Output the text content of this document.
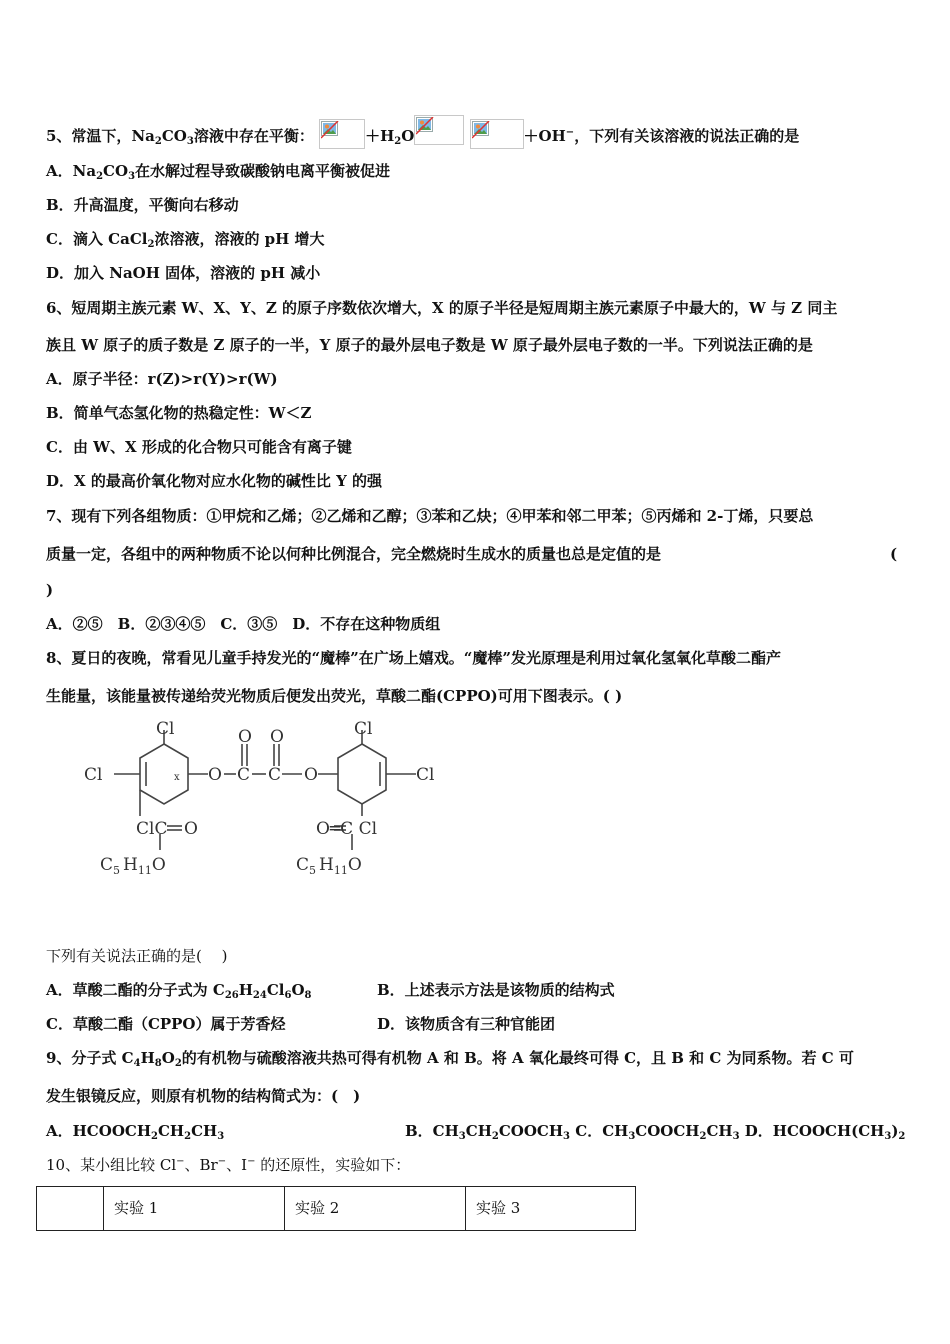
5、常温下，$Na_2CO_3$溶液中存在平衡：	$+H_2O$
	＋OH−，下列有关该溶液的说法正确的是
A．$Na_2CO_3$在水解过程导致碳酸钠电离平衡被促进
B．升高温度，平衡向右移动
C．滴入 CaCl$_2$浓溶液，溶液的 pH 增大
D．加入 NaOH 固体，溶液的 pH 减小
6、短周期主族元素 W、X、Y、Z 的原子序数依次增大，X 的原子半径是短周期主族元素原子中最大的，W 与 Z 同主
族且 W 原子的质子数是 Z 原子的一半，Y 原子的最外层电子数是 W 原子最外层电子数的一半。下列说法正确的是
A．原子半径：r(Z)>r(Y)>r(W)
B．简单气态氢化物的热稳定性：W＜Z
C．由 W、X 形成的化合物只可能含有离子键
D．X 的最高价氧化物对应水化物的碱性比 Y 的强
7、现有下列各组物质：①甲烷和乙烯；②乙烯和乙醇；③苯和乙炔；④甲苯和邻二甲苯；⑤丙烯和 2-丁烯，只要总
质量一定，各组中的两种物质不论以何种比例混合，完全燃烧时生成水的质量也总是定值的是	(
)
A．②⑤　B．②③④⑤　C．③⑤　D．不存在这种物质组
8、夏日的夜晚，常看见儿童手持发光的“魔棒”在广场上嬉戏。“魔棒”发光原理是利用过氧化氢氧化草酸二酯产
生能量，该能量被传递给荧光物质后便发出荧光，草酸二酯(CPPO)可用下图表示。( )
Cl
Cl	x O C
O
C
O
O
Cl
Cl
ClC O	O═C Cl
$C_5$ $H_{11}O$	$C_5$ $H_{11}O$
下列有关说法正确的是(　 )
A．草酸二酯的分子式为 $C_{26}H_{24}Cl_6O_8$	B．上述表示方法是该物质的结构式
C．草酸二酯（CPPO）属于芳香烃	D．该物质含有三种官能团
9、分子式 $C_4H_8O_2$的有机物与硫酸溶液共热可得有机物 A 和 B。将 A 氧化最终可得 C，且 B 和 C 为同系物。若 C 可
发生银镜反应，则原有机物的结构简式为：(　)
A．$HCOOCH_2CH_2CH_3$	B．$CH_3CH_2COOCH_3$ C．$CH_3COOCH_2CH_3$ D．$HCOOCH(CH_3)_2$
10、某小组比较 Cl−、Br−、I− 的还原性，实验如下：
	实验 1	实验 2	实验 3
